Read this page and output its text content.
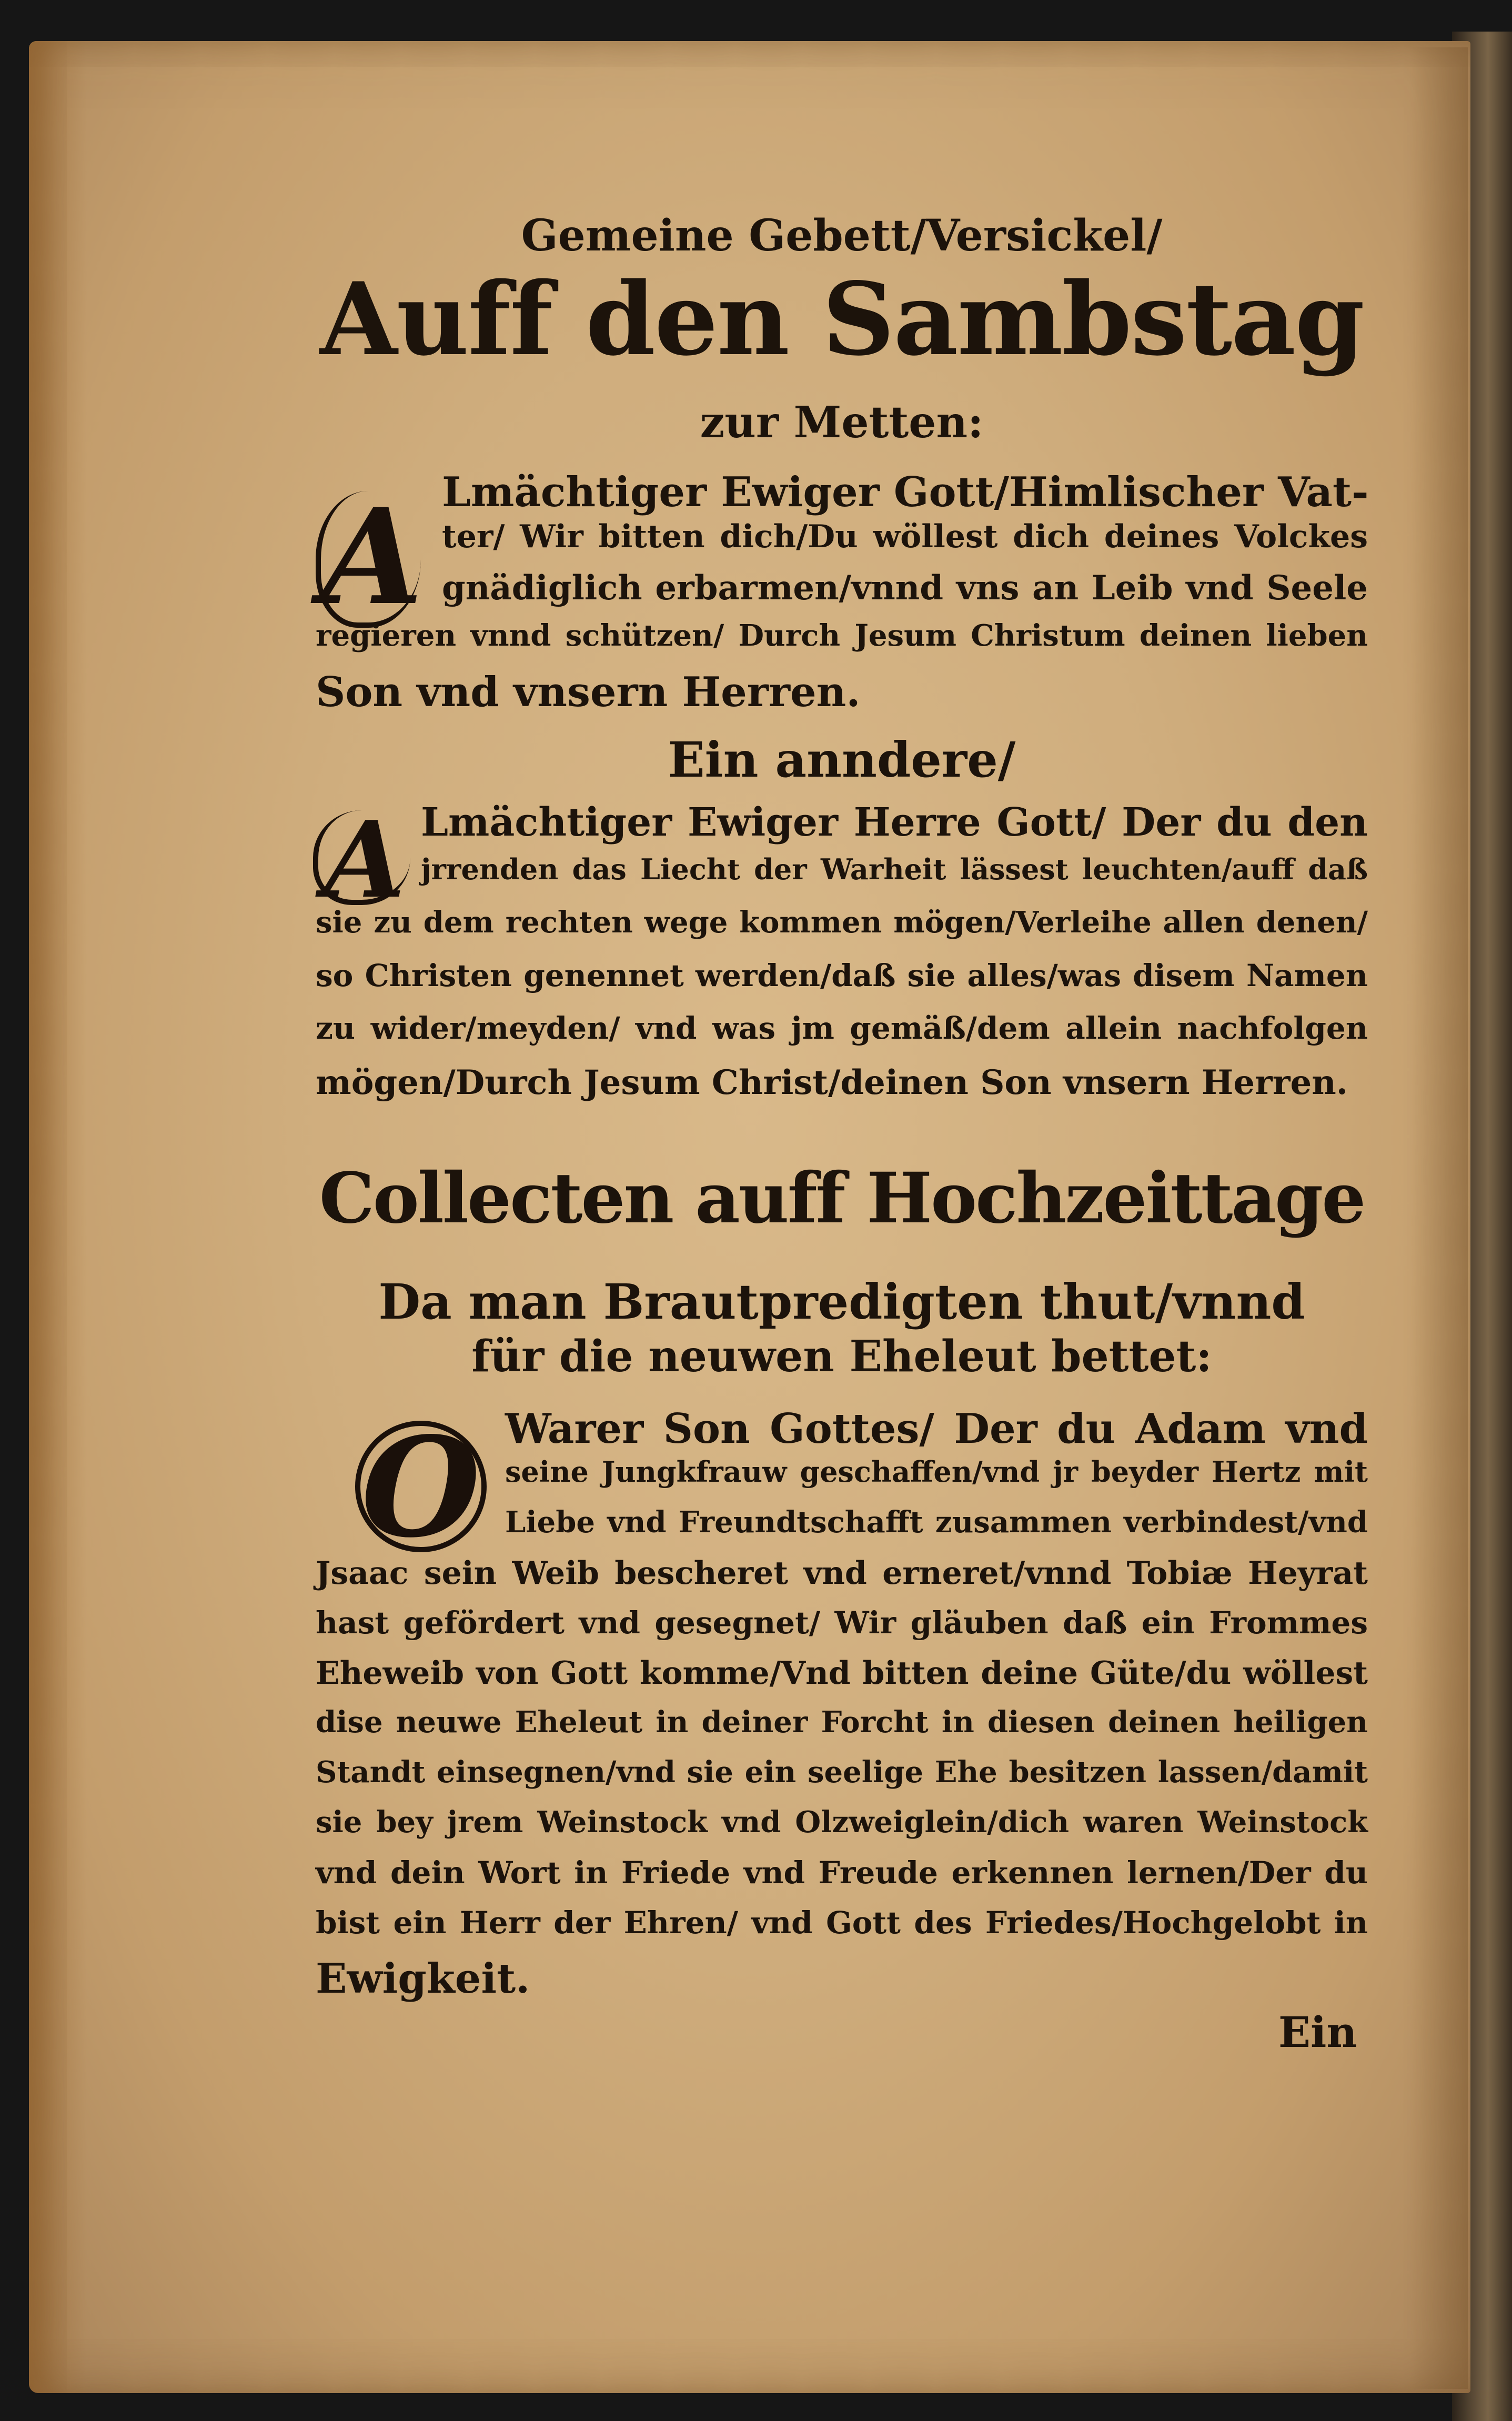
Gemeine Gebett/Versickel/
Auff den Sambstag
zur Metten:
A Lmächtiger Ewiger Gott/Himlischer Vat-
ter/ Wir bitten dich/Du wöllest dich deines Volckes
gnädiglich erbarmen/vnnd vns an Leib vnd Seele
regieren vnnd schützen/ Durch Jesum Christum deinen lieben
Son vnd vnsern Herren.
Ein anndere/
A Lmächtiger Ewiger Herre Gott/ Der du den
jrrenden das Liecht der Warheit lässest leuchten/auff daß
sie zu dem rechten wege kommen mögen/Verleihe allen denen/
so Christen genennet werden/daß sie alles/was disem Namen
zu wider/meyden/ vnd was jm gemäß/dem allein nachfolgen
mögen/Durch Jesum Christ/deinen Son vnsern Herren.
Collecten auff Hochzeittage
Da man Brautpredigten thut/vnnd
für die neuwen Eheleut bettet:
O Warer Son Gottes/ Der du Adam vnd
seine Jungkfrauw geschaffen/vnd jr beyder Hertz mit
Liebe vnd Freundtschafft zusammen verbindest/vnd
Jsaac sein Weib bescheret vnd erneret/vnnd Tobiæ Heyrat
hast gefördert vnd gesegnet/ Wir gläuben daß ein Frommes
Eheweib von Gott komme/Vnd bitten deine Güte/du wöllest
dise neuwe Eheleut in deiner Forcht in diesen deinen heiligen
Standt einsegnen/vnd sie ein seelige Ehe besitzen lassen/damit
sie bey jrem Weinstock vnd Olzweiglein/dich waren Weinstock
vnd dein Wort in Friede vnd Freude erkennen lernen/Der du
bist ein Herr der Ehren/ vnd Gott des Friedes/Hochgelobt in
Ewigkeit.
Ein
